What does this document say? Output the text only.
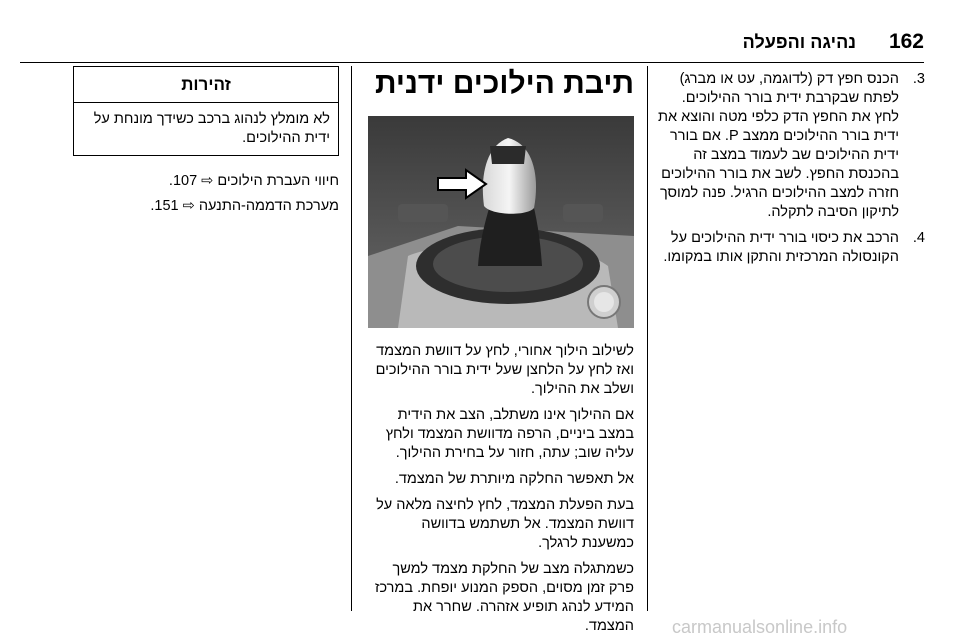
נהיגה והפעלה 162
3.
הכנס חפץ דק (לדוגמה, עט או מברג) לפתח שבקרבת ידית בורר ההילוכים. לחץ את החפץ הדק כלפי מטה והוצא את ידית בורר ההילוכים ממצב P. אם בורר ידית ההילוכים שב לעמוד במצב זה בהכנסת החפץ. לשב את בורר ההילוכים חזרה למצב ההילוכים הרגיל. פנה למוסך לתיקון הסיבה לתקלה.
4.
הרכב את כיסוי בורר ידית ההילוכים על הקונסולה המרכזית והתקן אותו במקומו.
תיבת הילוכים ידנית

לשילוב הילוך אחורי, לחץ על דוושת המצמד ואז לחץ על הלחצן שעל ידית בורר ההילוכים ושלב את ההילוך.

אם ההילוך אינו משתלב, הצב את הידית במצב ביניים, הרפה מדוושת המצמד ולחץ עליה שוב; עתה, חזור על בחירת ההילוך.

אל תאפשר החלקה מיותרת של המצמד.

בעת הפעלת המצמד, לחץ לחיצה מלאה על דוושת המצמד. אל תשתמש בדוושה כמשענת לרגלך.

כשמתגלה מצב של החלקת מצמד למשך פרק זמן מסוים, הספק המנוע יופחת. במרכז המידע לנהג תופיע אזהרה. שחרר את המצמד.

זהירות
לא מומלץ לנהוג ברכב כשידך מונחת על ידית ההילוכים.
חיווי העברת הילוכים ⇨ 107.
מערכת הדממה-התנעה ⇨ 151.
carmanualsonline.info
